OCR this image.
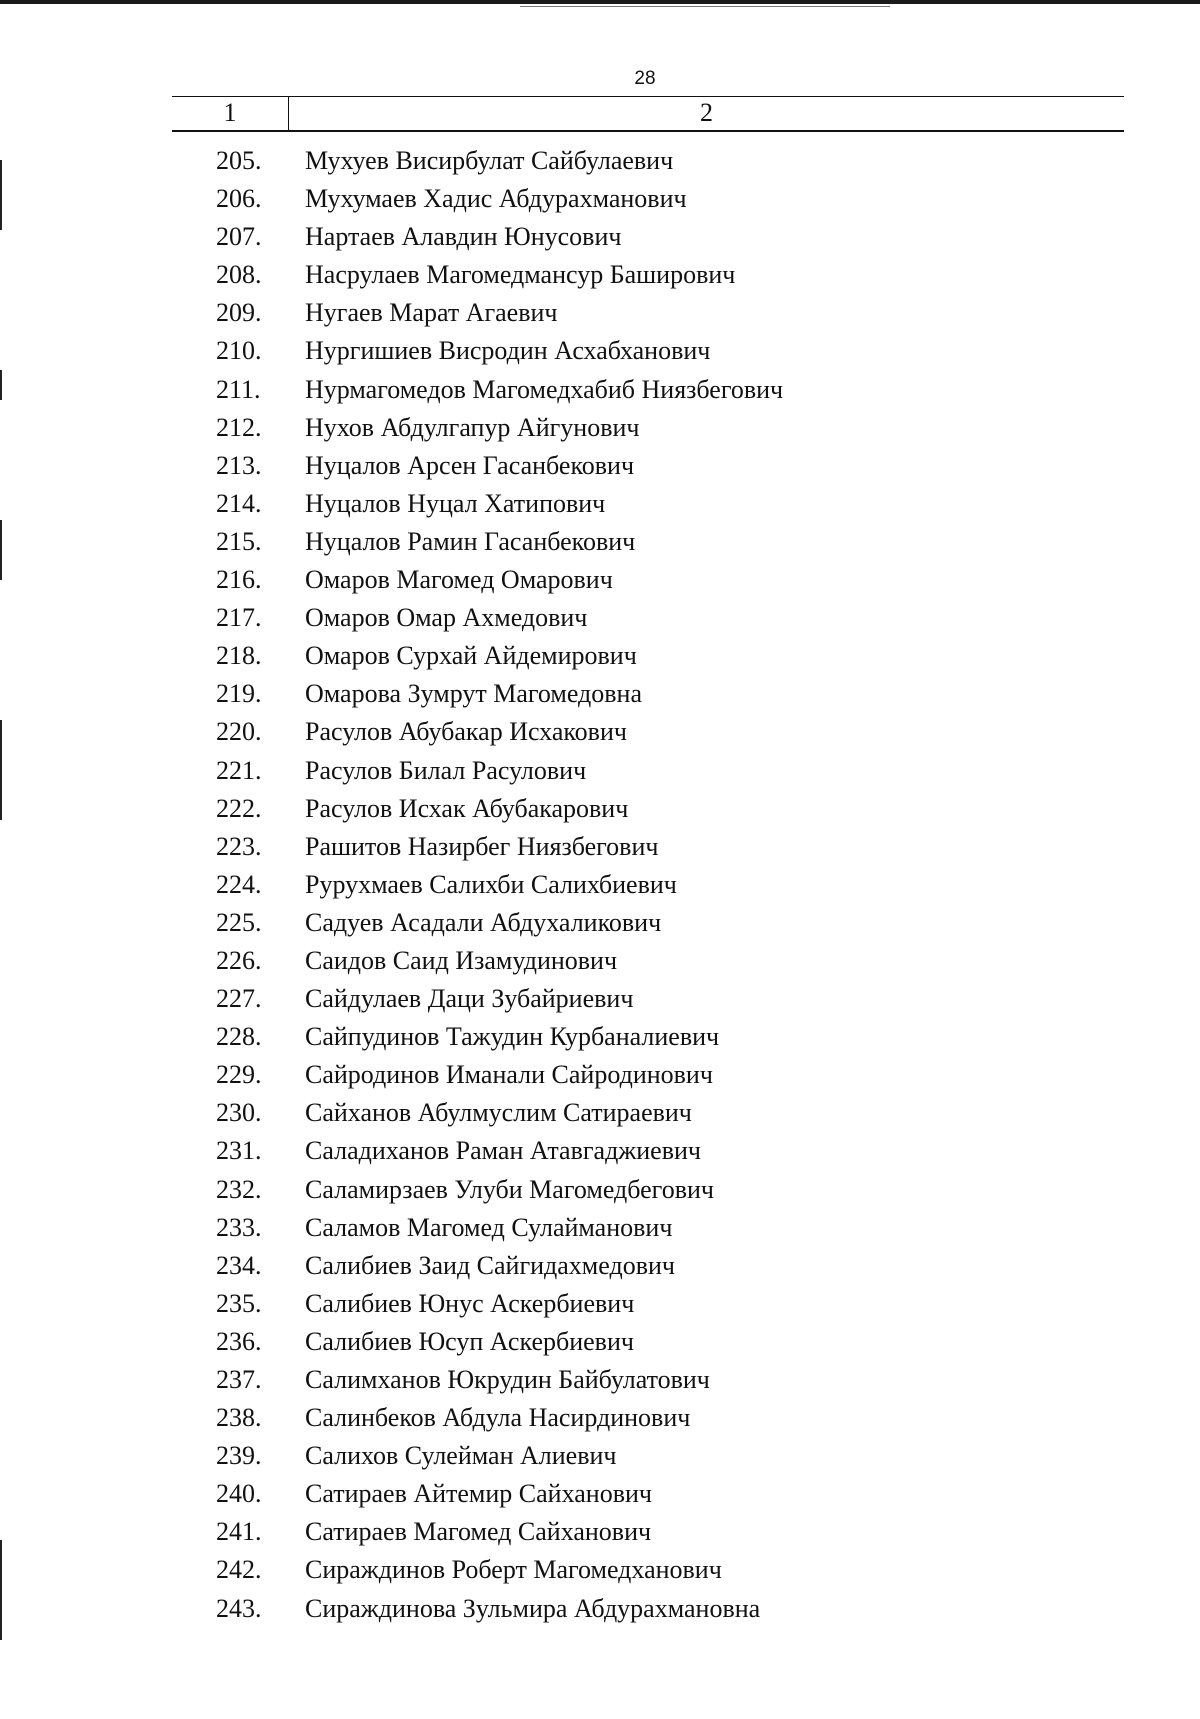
28
1	2
205. Мухуев Висирбулат Сайбулаевич
206. Мухумаев Хадис Абдурахманович
207. Нартаев Алавдин Юнусович
208. Насрулаев Магомедмансур Баширович
209. Нугаев Марат Агаевич
210. Нургишиев Висродин Асхабханович
211. Нурмагомедов Магомедхабиб Ниязбегович
212. Нухов Абдулгапур Айгунович
213. Нуцалов Арсен Гасанбекович
214. Нуцалов Нуцал Хатипович
215. Нуцалов Рамин Гасанбекович
216. Омаров Магомед Омарович
217. Омаров Омар Ахмедович
218. Омаров Сурхай Айдемирович
219. Омарова Зумрут Магомедовна
220. Расулов Абубакар Исхакович
221. Расулов Билал Расулович
222. Расулов Исхак Абубакарович
223. Рашитов Назирбег Ниязбегович
224. Рурухмаев Салихби Салихбиевич
225. Садуев Асадали Абдухаликович
226. Саидов Саид Изамудинович
227. Сайдулаев Даци Зубайриевич
228. Сайпудинов Тажудин Курбаналиевич
229. Сайродинов Иманали Сайродинович
230. Сайханов Абулмуслим Сатираевич
231. Саладиханов Раман Атавгаджиевич
232. Саламирзаев Улуби Магомедбегович
233. Саламов Магомед Сулайманович
234. Салибиев Заид Сайгидахмедович
235. Салибиев Юнус Аскербиевич
236. Салибиев Юсуп Аскербиевич
237. Салимханов Юкрудин Байбулатович
238. Салинбеков Абдула Насирдинович
239. Салихов Сулейман Алиевич
240. Сатираев Айтемир Сайханович
241. Сатираев Магомед Сайханович
242. Сираждинов Роберт Магомедханович
243. Сираждинова Зульмира Абдурахмановна
